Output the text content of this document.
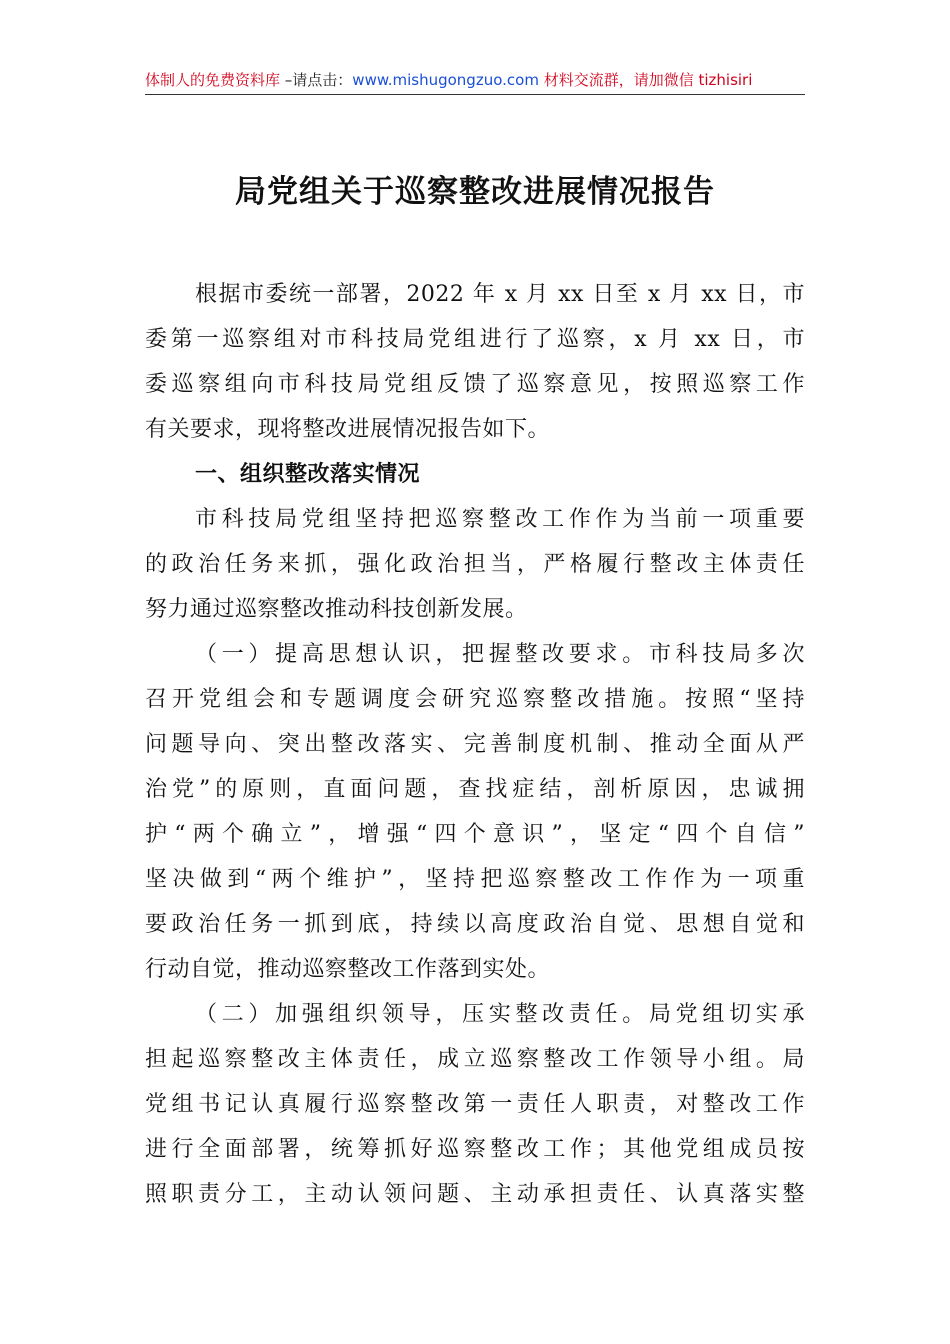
体制人的免费资料库 –请点击：www.mishugongzuo.com 材料交流群，请加微信 tizhisiri
局党组关于巡察整改进展情况报告
根据市委统一部署，2022 年 x 月 xx 日至 x 月 xx 日，市
委第一巡察组对市科技局党组进行了巡察，x 月 xx 日，市
委巡察组向市科技局党组反馈了巡察意见，按照巡察工作
有关要求，现将整改进展情况报告如下。
一、组织整改落实情况
市科技局党组坚持把巡察整改工作作为当前一项重要
的政治任务来抓，强化政治担当，严格履行整改主体责任
努力通过巡察整改推动科技创新发展。
（一）提高思想认识，把握整改要求。市科技局多次
召开党组会和专题调度会研究巡察整改措施。按照“坚持
问题导向、突出整改落实、完善制度机制、推动全面从严
治党”的原则，直面问题，查找症结，剖析原因，忠诚拥
护“两个确立”，增强“四个意识”，坚定“四个自信”
坚决做到“两个维护”，坚持把巡察整改工作作为一项重
要政治任务一抓到底，持续以高度政治自觉、思想自觉和
行动自觉，推动巡察整改工作落到实处。
（二）加强组织领导，压实整改责任。局党组切实承
担起巡察整改主体责任，成立巡察整改工作领导小组。局
党组书记认真履行巡察整改第一责任人职责，对整改工作
进行全面部署，统筹抓好巡察整改工作；其他党组成员按
照职责分工，主动认领问题、主动承担责任、认真落实整
